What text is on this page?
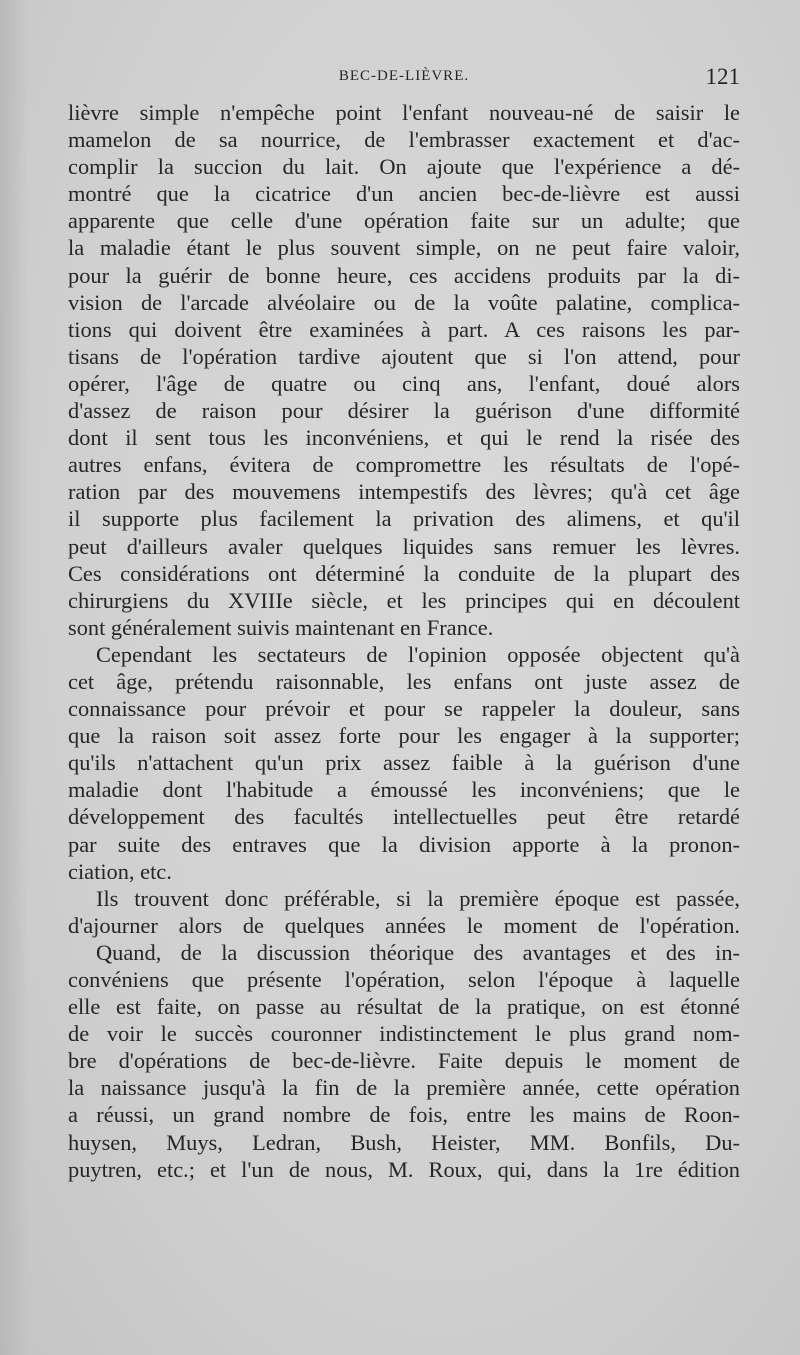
BEC-DE-LIÈVRE.	121
lièvre simple n'empêche point l'enfant nouveau-né de saisir le
mamelon de sa nourrice, de l'embrasser exactement et d'ac-
complir la succion du lait. On ajoute que l'expérience a dé-
montré que la cicatrice d'un ancien bec-de-lièvre est aussi
apparente que celle d'une opération faite sur un adulte; que
la maladie étant le plus souvent simple, on ne peut faire valoir,
pour la guérir de bonne heure, ces accidens produits par la di-
vision de l'arcade alvéolaire ou de la voûte palatine, complica-
tions qui doivent être examinées à part. A ces raisons les par-
tisans de l'opération tardive ajoutent que si l'on attend, pour
opérer, l'âge de quatre ou cinq ans, l'enfant, doué alors
d'assez de raison pour désirer la guérison d'une difformité
dont il sent tous les inconvéniens, et qui le rend la risée des
autres enfans, évitera de compromettre les résultats de l'opé-
ration par des mouvemens intempestifs des lèvres; qu'à cet âge
il supporte plus facilement la privation des alimens, et qu'il
peut d'ailleurs avaler quelques liquides sans remuer les lèvres.
Ces considérations ont déterminé la conduite de la plupart des
chirurgiens du XVIIIe siècle, et les principes qui en découlent
sont généralement suivis maintenant en France.
Cependant les sectateurs de l'opinion opposée objectent qu'à
cet âge, prétendu raisonnable, les enfans ont juste assez de
connaissance pour prévoir et pour se rappeler la douleur, sans
que la raison soit assez forte pour les engager à la supporter;
qu'ils n'attachent qu'un prix assez faible à la guérison d'une
maladie dont l'habitude a émoussé les inconvéniens; que le
développement des facultés intellectuelles peut être retardé
par suite des entraves que la division apporte à la pronon-
ciation, etc.
Ils trouvent donc préférable, si la première époque est passée,
d'ajourner alors de quelques années le moment de l'opération.
Quand, de la discussion théorique des avantages et des in-
convéniens que présente l'opération, selon l'époque à laquelle
elle est faite, on passe au résultat de la pratique, on est étonné
de voir le succès couronner indistinctement le plus grand nom-
bre d'opérations de bec-de-lièvre. Faite depuis le moment de
la naissance jusqu'à la fin de la première année, cette opération
a réussi, un grand nombre de fois, entre les mains de Roon-
huysen, Muys, Ledran, Bush, Heister, MM. Bonfils, Du-
puytren, etc.; et l'un de nous, M. Roux, qui, dans la 1re édition
